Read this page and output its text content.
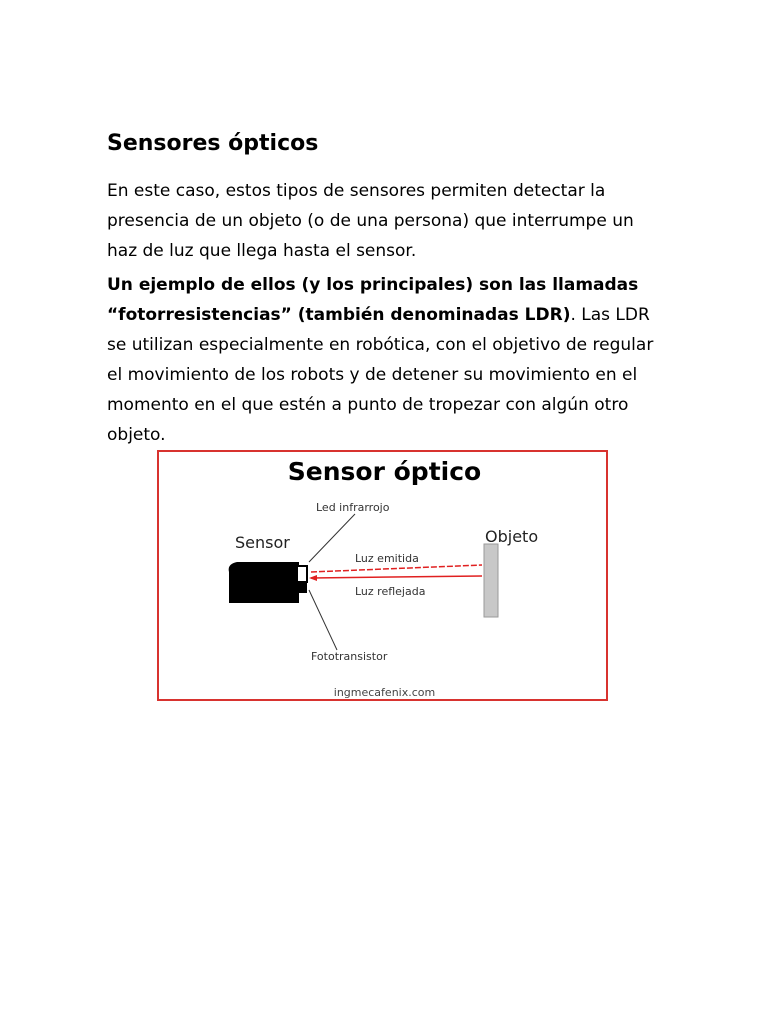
Sensores ópticos

En este caso, estos tipos de sensores permiten detectar la
presencia de un objeto (o de una persona) que interrumpe un
haz de luz que llega hasta el sensor.

Un ejemplo de ellos (y los principales) son las llamadas
“fotorresistencias” (también denominadas LDR). Las LDR
se utilizan especialmente en robótica, con el objetivo de regular
el movimiento de los robots y de detener su movimiento en el
momento en el que estén a punto de tropezar con algún otro
objeto.

Sensor óptico
Led infrarrojo
Sensor	Objeto
Luz emitida
Luz reflejada
Fototransistor
ingmecafenix.com
